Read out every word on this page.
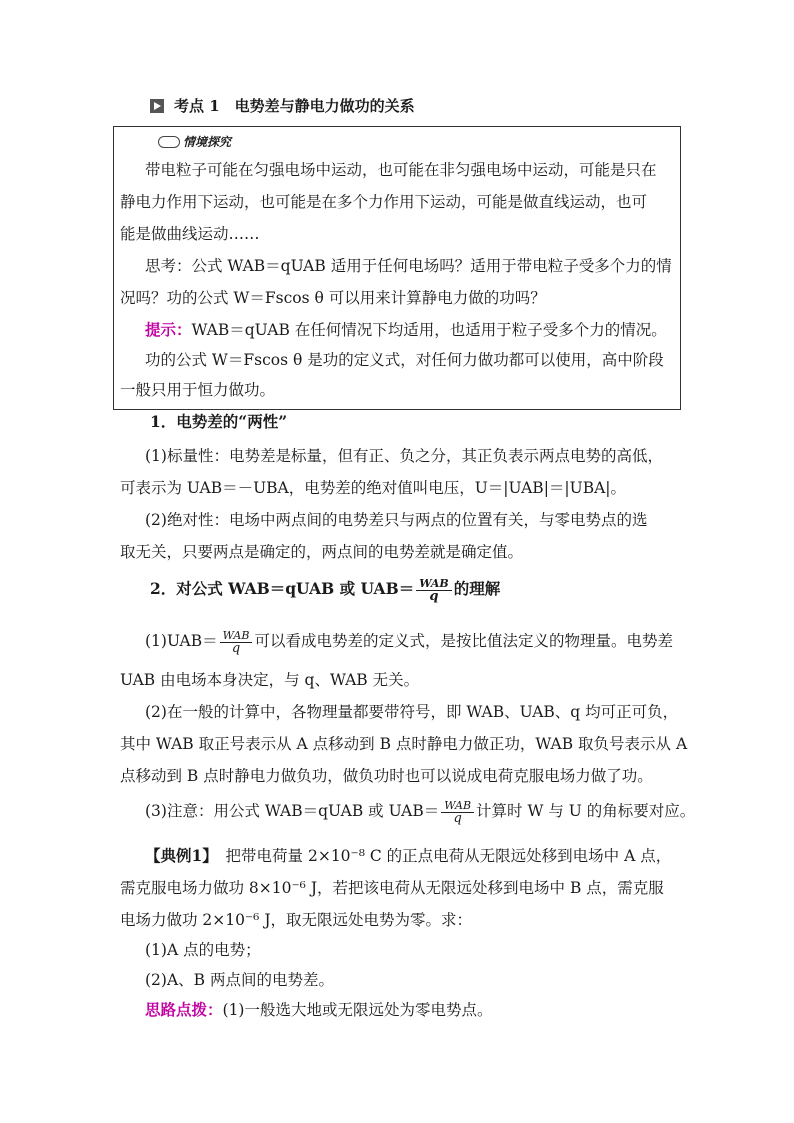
考点 1　电势差与静电力做功的关系
情境探究
带电粒子可能在匀强电场中运动，也可能在非匀强电场中运动，可能是只在
静电力作用下运动，也可能是在多个力作用下运动，可能是做直线运动，也可
能是做曲线运动……
思考：公式 WAB＝qUAB 适用于任何电场吗？适用于带电粒子受多个力的情
况吗？功的公式 W＝Fscos θ 可以用来计算静电力做的功吗？
提示：WAB＝qUAB 在任何情况下均适用，也适用于粒子受多个力的情况。
功的公式 W＝Fscos θ 是功的定义式，对任何力做功都可以使用，高中阶段
一般只用于恒力做功。
1．电势差的“两性”
(1)标量性：电势差是标量，但有正、负之分，其正负表示两点电势的高低，
可表示为 UAB＝－UBA，电势差的绝对值叫电压，U＝|UAB|＝|UBA|。
(2)绝对性：电场中两点间的电势差只与两点的位置有关，与零电势点的选
取无关，只要两点是确定的，两点间的电势差就是确定值。
2．对公式 WAB＝qUAB 或 $UAB= \frac{\text{WAB}}{q}$ 的理解
$(1)UAB= \frac{\text{WAB}}{q}$ 可以看成电势差的定义式，是按比值法定义的物理量。电势差
UAB 由电场本身决定，与 q、WAB 无关。
(2)在一般的计算中，各物理量都要带符号，即 WAB、UAB、q 均可正可负，
其中 WAB 取正号表示从 A 点移动到 B 点时静电力做正功，WAB 取负号表示从 A
点移动到 B 点时静电力做负功，做负功时也可以说成电荷克服电场力做了功。
(3)注意：用公式 WAB＝qUAB 或 $UAB= \frac{\text{WAB}}{q}$ 计算时 W 与 U 的角标要对应。
【典例1】　把带电荷量 2×10⁻⁸ C 的正点电荷从无限远处移到电场中 A 点，
需克服电场力做功 8×10⁻⁶ J，若把该电荷从无限远处移到电场中 B 点，需克服
电场力做功 2×10⁻⁶ J，取无限远处电势为零。求：
(1)A 点的电势；
(2)A、B 两点间的电势差。
思路点拨：(1)一般选大地或无限远处为零电势点。
